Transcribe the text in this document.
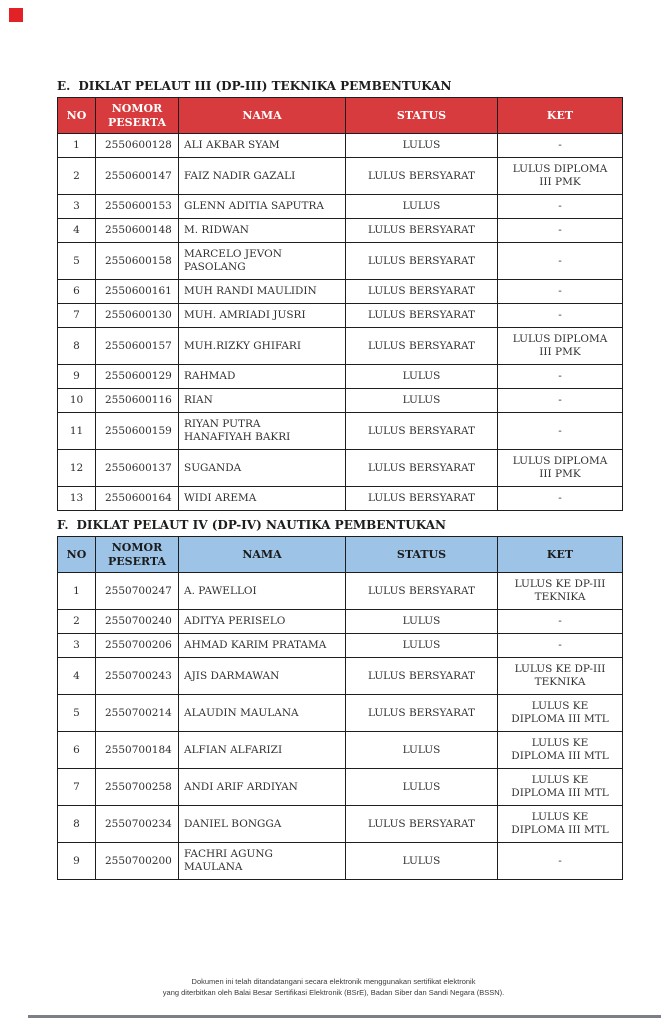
E. DIKLAT PELAUT III (DP-III) TEKNIKA PEMBENTUKAN
NO	NOMOR PESERTA	NAMA	STATUS	KET
1	2550600128	ALI AKBAR SYAM	LULUS	-
2	2550600147	FAIZ NADIR GAZALI	LULUS BERSYARAT	LULUS DIPLOMA III PMK
3	2550600153	GLENN ADITIA SAPUTRA	LULUS	-
4	2550600148	M. RIDWAN	LULUS BERSYARAT	-
5	2550600158	MARCELO JEVON PASOLANG	LULUS BERSYARAT	-
6	2550600161	MUH RANDI MAULIDIN	LULUS BERSYARAT	-
7	2550600130	MUH. AMRIADI JUSRI	LULUS BERSYARAT	-
8	2550600157	MUH.RIZKY GHIFARI	LULUS BERSYARAT	LULUS DIPLOMA III PMK
9	2550600129	RAHMAD	LULUS	-
10	2550600116	RIAN	LULUS	-
11	2550600159	RIYAN PUTRA HANAFIYAH BAKRI	LULUS BERSYARAT	-
12	2550600137	SUGANDA	LULUS BERSYARAT	LULUS DIPLOMA III PMK
13	2550600164	WIDI AREMA	LULUS BERSYARAT	-
F. DIKLAT PELAUT IV (DP-IV) NAUTIKA PEMBENTUKAN
NO	NOMOR PESERTA	NAMA	STATUS	KET
1	2550700247	A. PAWELLOI	LULUS BERSYARAT	LULUS KE DP-III TEKNIKA
2	2550700240	ADITYA PERISELO	LULUS	-
3	2550700206	AHMAD KARIM PRATAMA	LULUS	-
4	2550700243	AJIS DARMAWAN	LULUS BERSYARAT	LULUS KE DP-III TEKNIKA
5	2550700214	ALAUDIN MAULANA	LULUS BERSYARAT	LULUS KE DIPLOMA III MTL
6	2550700184	ALFIAN ALFARIZI	LULUS	LULUS KE DIPLOMA III MTL
7	2550700258	ANDI ARIF ARDIYAN	LULUS	LULUS KE DIPLOMA III MTL
8	2550700234	DANIEL BONGGA	LULUS BERSYARAT	LULUS KE DIPLOMA III MTL
9	2550700200	FACHRI AGUNG MAULANA	LULUS	-
Dokumen ini telah ditandatangani secara elektronik menggunakan sertifikat elektronik
yang diterbitkan oleh Balai Besar Sertifikasi Elektronik (BSrE), Badan Siber dan Sandi Negara (BSSN).
